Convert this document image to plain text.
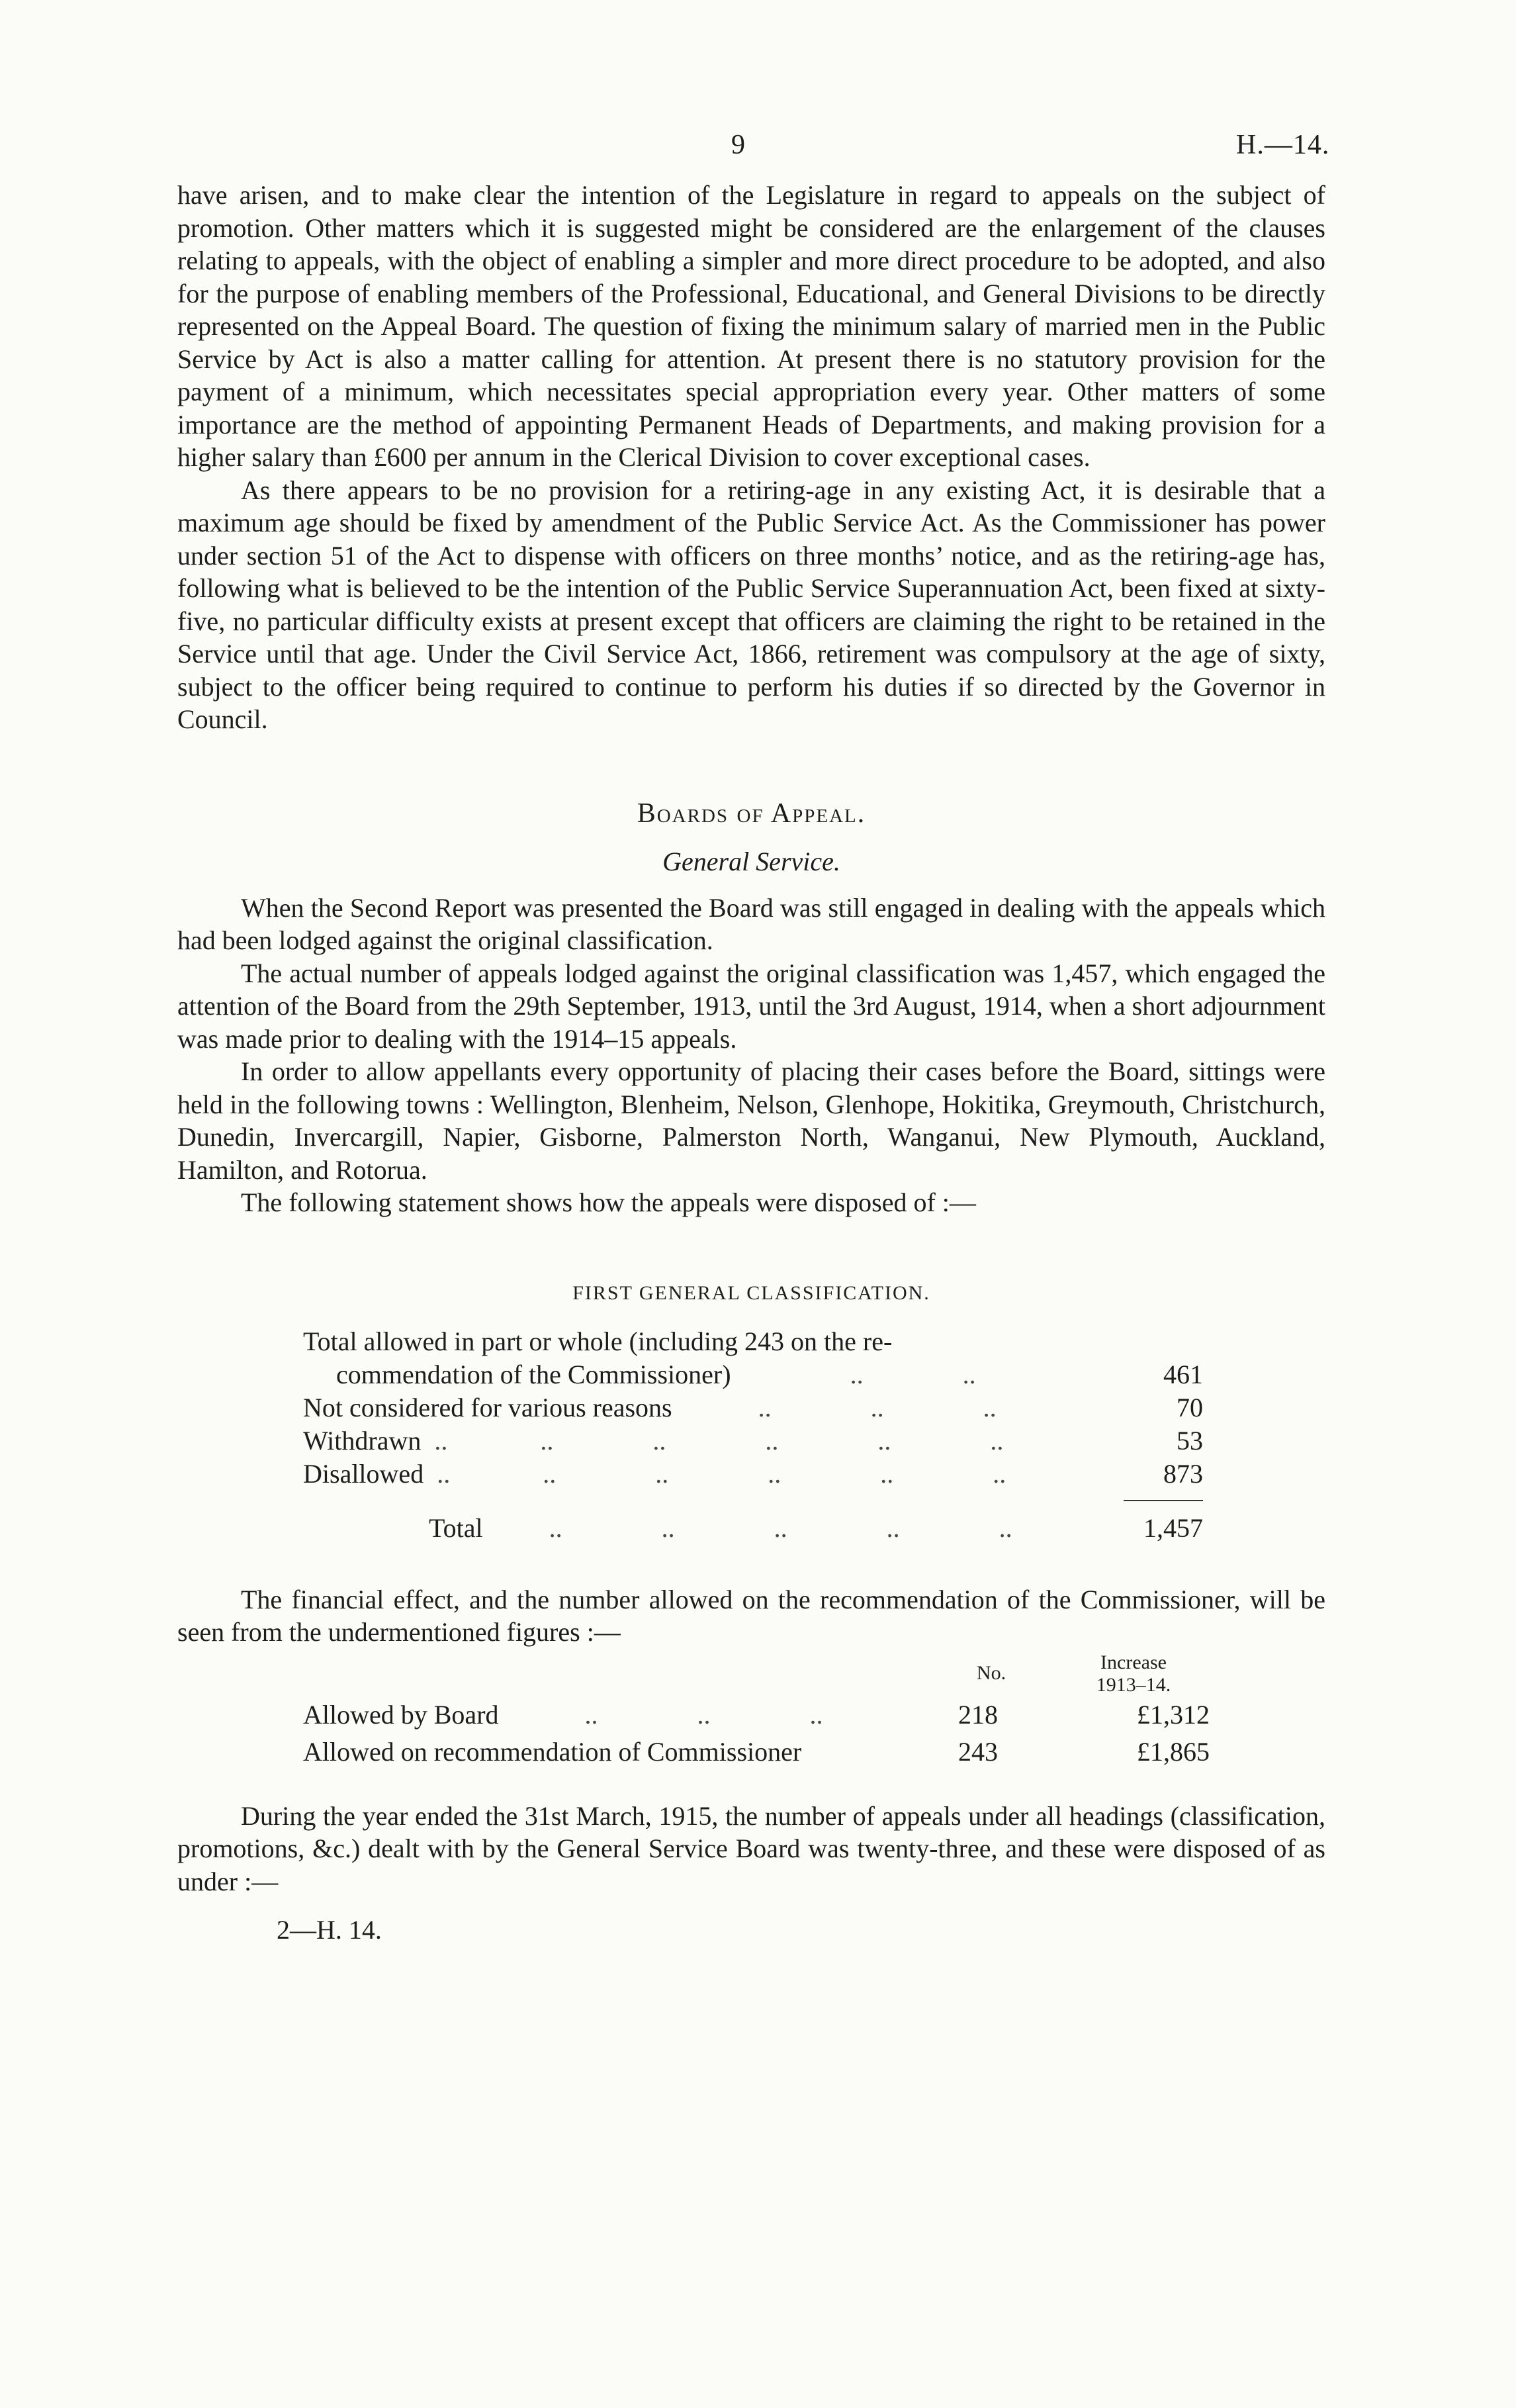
9	H.—14.

have arisen, and to make clear the intention of the Legislature in regard to appeals on the subject of promotion. Other matters which it is suggested might be considered are the enlargement of the clauses relating to appeals, with the object of enabling a simpler and more direct procedure to be adopted, and also for the purpose of enabling members of the Professional, Educational, and General Divisions to be directly represented on the Appeal Board. The question of fixing the minimum salary of married men in the Public Service by Act is also a matter calling for attention. At present there is no statutory provision for the payment of a minimum, which necessitates special appropriation every year. Other matters of some importance are the method of appointing Permanent Heads of Departments, and making provision for a higher salary than £600 per annum in the Clerical Division to cover exceptional cases.

As there appears to be no provision for a retiring-age in any existing Act, it is desirable that a maximum age should be fixed by amendment of the Public Service Act. As the Commissioner has power under section 51 of the Act to dispense with officers on three months’ notice, and as the retiring-age has, following what is believed to be the intention of the Public Service Superannuation Act, been fixed at sixty-five, no particular difficulty exists at present except that officers are claiming the right to be retained in the Service until that age. Under the Civil Service Act, 1866, retirement was compulsory at the age of sixty, subject to the officer being required to continue to perform his duties if so directed by the Governor in Council.

Boards of Appeal.
General Service.

When the Second Report was presented the Board was still engaged in dealing with the appeals which had been lodged against the original classification.

The actual number of appeals lodged against the original classification was 1,457, which engaged the attention of the Board from the 29th September, 1913, until the 3rd August, 1914, when a short adjournment was made prior to dealing with the 1914–15 appeals.

In order to allow appellants every opportunity of placing their cases before the Board, sittings were held in the following towns : Wellington, Blenheim, Nelson, Glenhope, Hokitika, Greymouth, Christchurch, Dunedin, Invercargill, Napier, Gisborne, Palmerston North, Wanganui, New Plymouth, Auckland, Hamilton, and Rotorua.

The following statement shows how the appeals were disposed of :—

FIRST GENERAL CLASSIFICATION.
Total allowed in part or whole (including 243 on the re-
commendation of the Commissioner)                  ..               ..	461
Not considered for various reasons             ..               ..               ..	70
Withdrawn  ..              ..               ..               ..               ..               ..	53
Disallowed  ..              ..               ..               ..               ..               ..	873
Total          ..               ..               ..               ..               ..	1,457

The financial effect, and the number allowed on the recommendation of the Commissioner, will be seen from the undermentioned figures :—

No.	Increase
1913–14.
Allowed by Board             ..               ..               ..	218	£1,312
Allowed on recommendation of Commissioner	243	£1,865

During the year ended the 31st March, 1915, the number of appeals under all headings (classification, promotions, &c.) dealt with by the General Service Board was twenty-three, and these were disposed of as under :—

2—H. 14.
